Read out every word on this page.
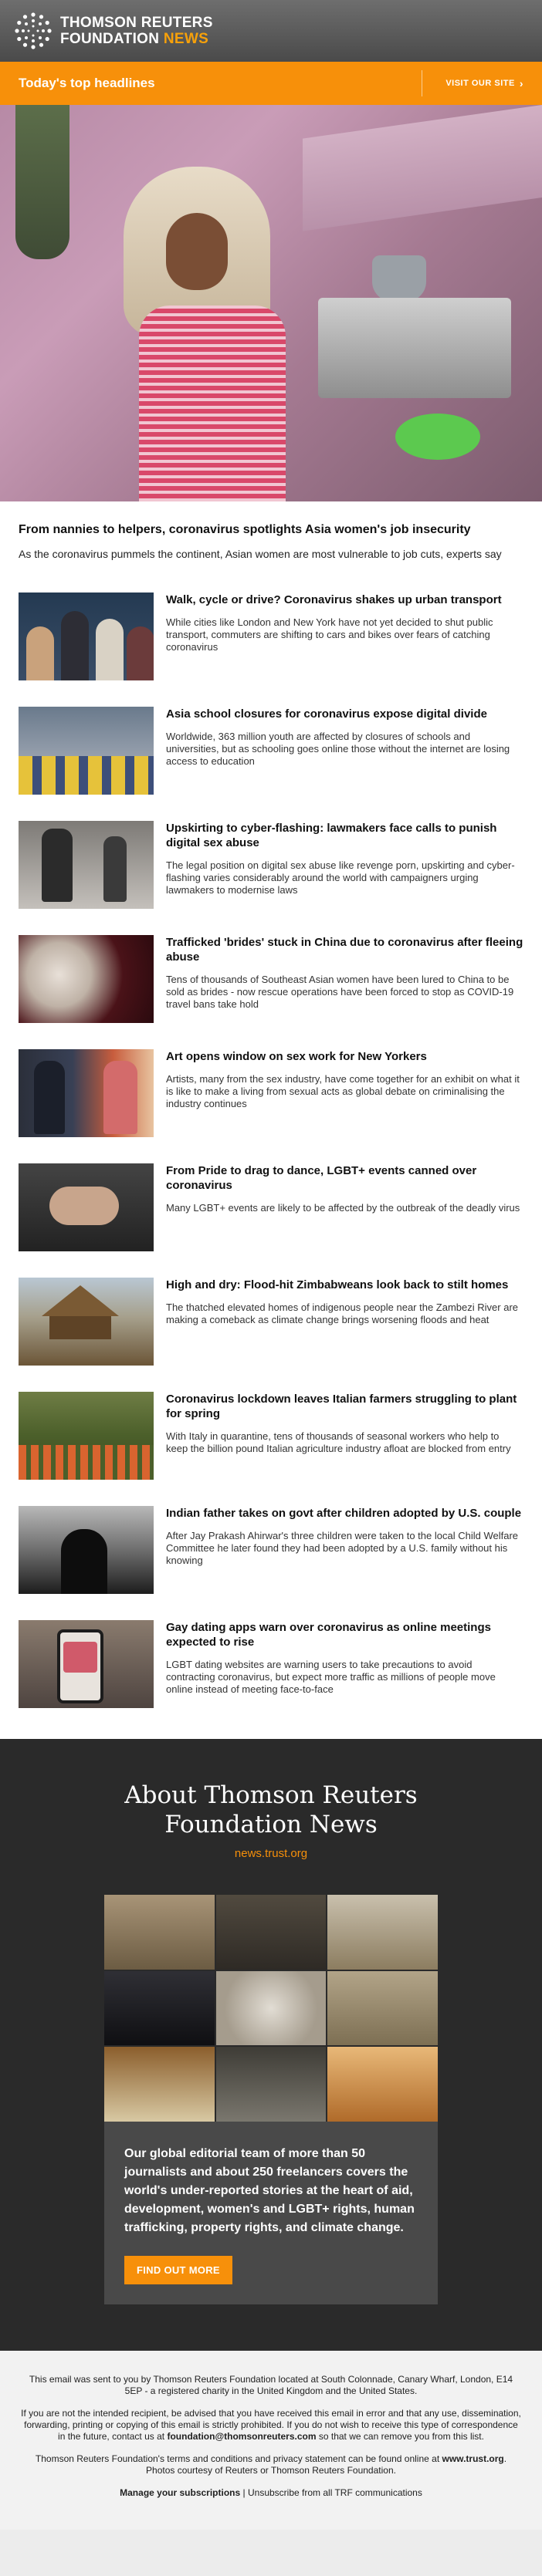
THOMSON REUTERS
FOUNDATION NEWS
Today's top headlines	VISIT OUR SITE ›
From nannies to helpers, coronavirus spotlights Asia women's job insecurity

As the coronavirus pummels the continent, Asian women are most vulnerable to job cuts, experts say

Walk, cycle or drive? Coronavirus shakes up urban transport

While cities like London and New York have not yet decided to shut public transport, commuters are shifting to cars and bikes over fears of catching coronavirus

Asia school closures for coronavirus expose digital divide

Worldwide, 363 million youth are affected by closures of schools and universities, but as schooling goes online those without the internet are losing access to education

Upskirting to cyber-flashing: lawmakers face calls to punish digital sex abuse

The legal position on digital sex abuse like revenge porn, upskirting and cyber-flashing varies considerably around the world with campaigners urging lawmakers to modernise laws

Trafficked 'brides' stuck in China due to coronavirus after fleeing abuse

Tens of thousands of Southeast Asian women have been lured to China to be sold as brides - now rescue operations have been forced to stop as COVID-19 travel bans take hold

Art opens window on sex work for New Yorkers

Artists, many from the sex industry, have come together for an exhibit on what it is like to make a living from sexual acts as global debate on criminalising the industry continues

From Pride to drag to dance, LGBT+ events canned over coronavirus

Many LGBT+ events are likely to be affected by the outbreak of the deadly virus

High and dry: Flood-hit Zimbabweans look back to stilt homes

The thatched elevated homes of indigenous people near the Zambezi River are making a comeback as climate change brings worsening floods and heat

Coronavirus lockdown leaves Italian farmers struggling to plant for spring

With Italy in quarantine, tens of thousands of seasonal workers who help to keep the billion pound Italian agriculture industry afloat are blocked from entry

Indian father takes on govt after children adopted by U.S. couple

After Jay Prakash Ahirwar's three children were taken to the local Child Welfare Committee he later found they had been adopted by a U.S. family without his knowing

Gay dating apps warn over coronavirus as online meetings expected to rise

LGBT dating websites are warning users to take precautions to avoid contracting coronavirus, but expect more traffic as millions of people move online instead of meeting face-to-face

About Thomson Reuters
Foundation News
news.trust.org

Our global editorial team of more than 50 journalists and about 250 freelancers covers the world's under-reported stories at the heart of aid, development, women's and LGBT+ rights, human trafficking, property rights, and climate change.

FIND OUT MORE

This email was sent to you by Thomson Reuters Foundation located at South Colonnade, Canary Wharf, London, E14 5EP - a registered charity in the United Kingdom and the United States.

If you are not the intended recipient, be advised that you have received this email in error and that any use, dissemination, forwarding, printing or copying of this email is strictly prohibited. If you do not wish to receive this type of correspondence in the future, contact us at foundation@thomsonreuters.com so that we can remove you from this list.

Thomson Reuters Foundation's terms and conditions and privacy statement can be found online at www.trust.org. Photos courtesy of Reuters or Thomson Reuters Foundation.

Manage your subscriptions | Unsubscribe from all TRF communications
